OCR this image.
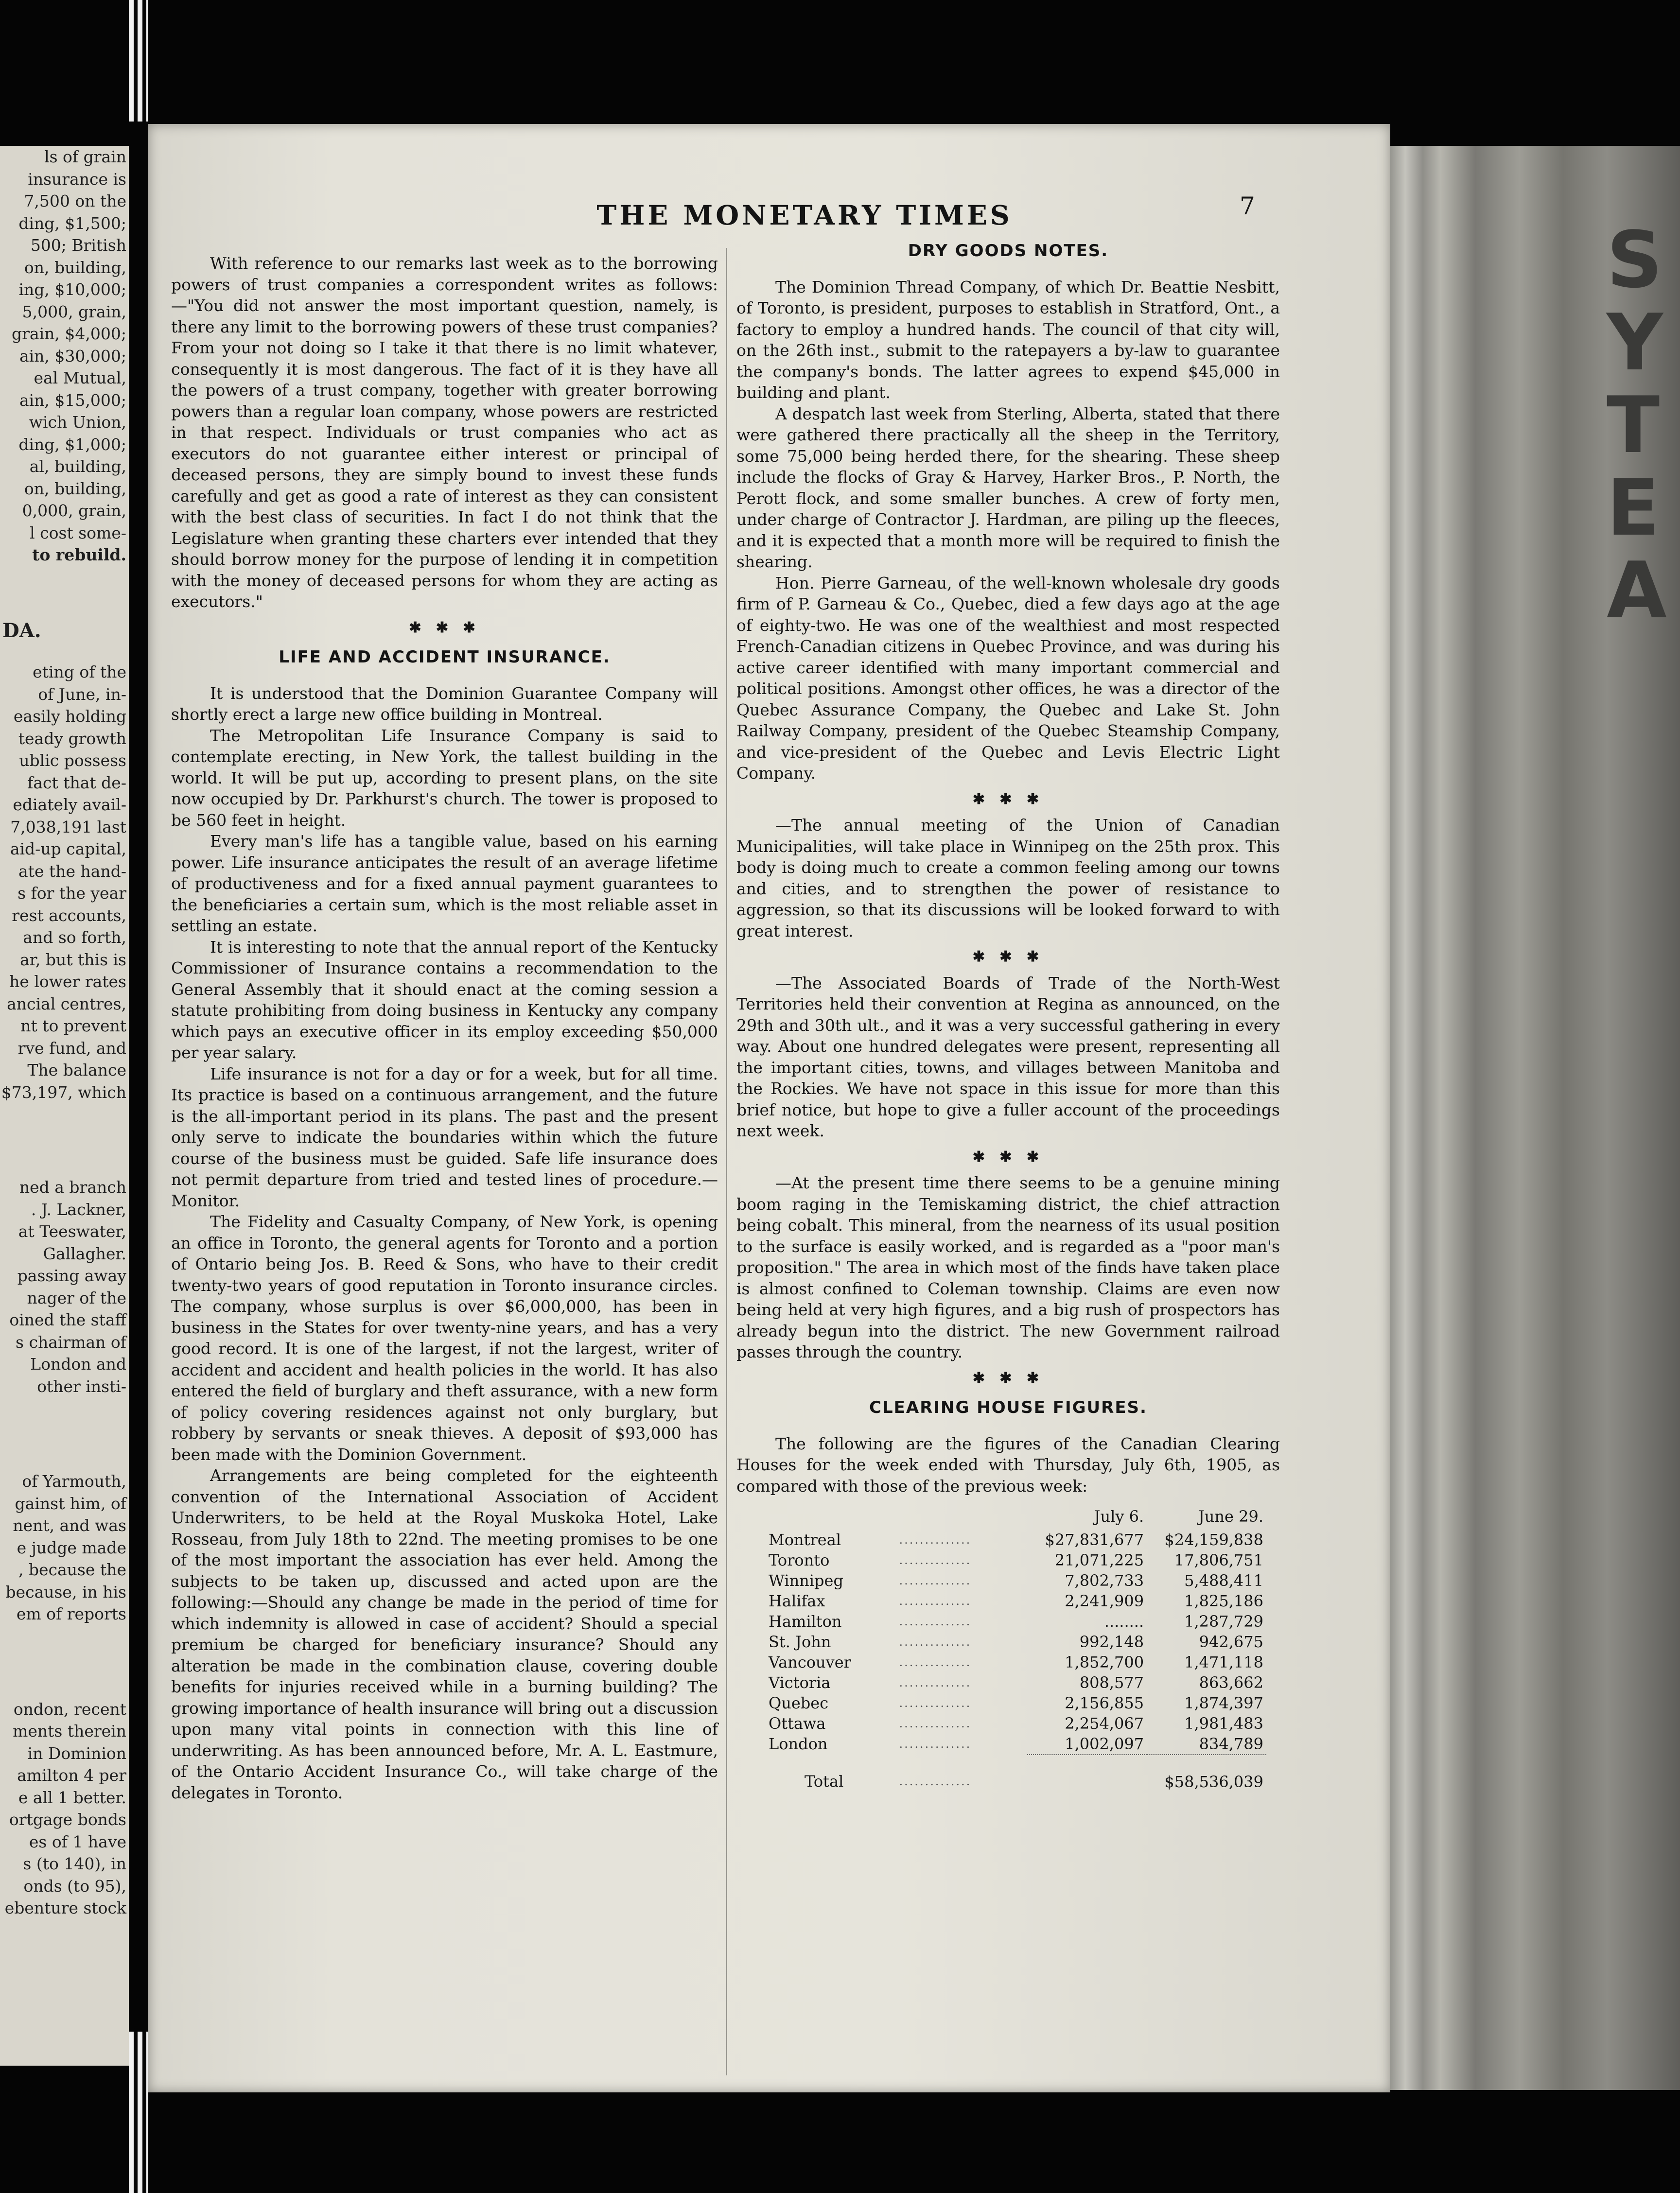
ls of grain

insurance is

7,500 on the

ding, $1,500;

500; British

on, building,

ing, $10,000;

5,000, grain,

grain, $4,000;

ain, $30,000;

eal Mutual,

ain, $15,000;

wich Union,

ding, $1,000;

al, building,

on, building,

0,000, grain,

l cost some-

to rebuild.

DA.

eting of the

of June, in-

easily holding

teady growth

ublic possess

fact that de-

ediately avail-

7,038,191 last

aid-up capital,

ate the hand-

s for the year

rest accounts,

and so forth,

ar, but this is

he lower rates

ancial centres,

nt to prevent

rve fund, and

The balance

$73,197, which

ned a branch

. J. Lackner,

at Teeswater,

Gallagher.

passing away

nager of the

oined the staff

s chairman of

London and

other insti-

of Yarmouth,

gainst him, of

nent, and was

e judge made

, because the

because, in his

em of reports

ondon, recent

ments therein

in Dominion

amilton 4 per

e all 1 better.

ortgage bonds

es of 1 have

s (to 140), in

onds (to 95),

ebenture stock

SYTEA
THE MONETARY TIMES	7

With reference to our remarks last week as to the borrowing powers of trust companies a correspondent writes as follows:—"You did not answer the most important question, namely, is there any limit to the borrowing powers of these trust companies? From your not doing so I take it that there is no limit whatever, consequently it is most dangerous. The fact of it is they have all the powers of a trust company, together with greater borrowing powers than a regular loan company, whose powers are restricted in that respect. Individuals or trust companies who act as executors do not guarantee either interest or principal of deceased persons, they are simply bound to invest these funds carefully and get as good a rate of interest as they can consistent with the best class of securities. In fact I do not think that the Legislature when granting these charters ever intended that they should borrow money for the purpose of lending it in competition with the money of deceased persons for whom they are acting as executors."

✱ ✱ ✱
LIFE AND ACCIDENT INSURANCE.

It is understood that the Dominion Guarantee Company will shortly erect a large new office building in Montreal.

The Metropolitan Life Insurance Company is said to contemplate erecting, in New York, the tallest building in the world. It will be put up, according to present plans, on the site now occupied by Dr. Parkhurst's church. The tower is proposed to be 560 feet in height.

Every man's life has a tangible value, based on his earning power. Life insurance anticipates the result of an average lifetime of productiveness and for a fixed annual payment guarantees to the beneficiaries a certain sum, which is the most reliable asset in settling an estate.

It is interesting to note that the annual report of the Kentucky Commissioner of Insurance contains a recommendation to the General Assembly that it should enact at the coming session a statute prohibiting from doing business in Kentucky any company which pays an executive officer in its employ exceeding $50,000 per year salary.

Life insurance is not for a day or for a week, but for all time. Its practice is based on a continuous arrangement, and the future is the all-important period in its plans. The past and the present only serve to indicate the boundaries within which the future course of the business must be guided. Safe life insurance does not permit departure from tried and tested lines of procedure.—Monitor.

The Fidelity and Casualty Company, of New York, is opening an office in Toronto, the general agents for Toronto and a portion of Ontario being Jos. B. Reed & Sons, who have to their credit twenty-two years of good reputation in Toronto insurance circles. The company, whose surplus is over $6,000,000, has been in business in the States for over twenty-nine years, and has a very good record. It is one of the largest, if not the largest, writer of accident and accident and health policies in the world. It has also entered the field of burglary and theft assurance, with a new form of policy covering residences against not only burglary, but robbery by servants or sneak thieves. A deposit of $93,000 has been made with the Dominion Government.

Arrangements are being completed for the eighteenth convention of the International Association of Accident Underwriters, to be held at the Royal Muskoka Hotel, Lake Rosseau, from July 18th to 22nd. The meeting promises to be one of the most important the association has ever held. Among the subjects to be taken up, discussed and acted upon are the following:—Should any change be made in the period of time for which indemnity is allowed in case of accident? Should a special premium be charged for beneficiary insurance? Should any alteration be made in the combination clause, covering double benefits for injuries received while in a burning building? The growing importance of health insurance will bring out a discussion upon many vital points in connection with this line of underwriting. As has been announced before, Mr. A. L. Eastmure, of the Ontario Accident Insurance Co., will take charge of the delegates in Toronto.

DRY GOODS NOTES.

The Dominion Thread Company, of which Dr. Beattie Nesbitt, of Toronto, is president, purposes to establish in Stratford, Ont., a factory to employ a hundred hands. The council of that city will, on the 26th inst., submit to the ratepayers a by-law to guarantee the company's bonds. The latter agrees to expend $45,000 in building and plant.

A despatch last week from Sterling, Alberta, stated that there were gathered there practically all the sheep in the Territory, some 75,000 being herded there, for the shearing. These sheep include the flocks of Gray & Harvey, Harker Bros., P. North, the Perott flock, and some smaller bunches. A crew of forty men, under charge of Contractor J. Hardman, are piling up the fleeces, and it is expected that a month more will be required to finish the shearing.

Hon. Pierre Garneau, of the well-known wholesale dry goods firm of P. Garneau & Co., Quebec, died a few days ago at the age of eighty-two. He was one of the wealthiest and most respected French-Canadian citizens in Quebec Province, and was during his active career identified with many important commercial and political positions. Amongst other offices, he was a director of the Quebec Assurance Company, the Quebec and Lake St. John Railway Company, president of the Quebec Steamship Company, and vice-president of the Quebec and Levis Electric Light Company.

✱ ✱ ✱

—The annual meeting of the Union of Canadian Municipalities, will take place in Winnipeg on the 25th prox. This body is doing much to create a common feeling among our towns and cities, and to strengthen the power of resistance to aggression, so that its discussions will be looked forward to with great interest.

✱ ✱ ✱

—The Associated Boards of Trade of the North-West Territories held their convention at Regina as announced, on the 29th and 30th ult., and it was a very successful gathering in every way. About one hundred delegates were present, representing all the important cities, towns, and villages between Manitoba and the Rockies. We have not space in this issue for more than this brief notice, but hope to give a fuller account of the proceedings next week.

✱ ✱ ✱

—At the present time there seems to be a genuine mining boom raging in the Temiskaming district, the chief attraction being cobalt. This mineral, from the nearness of its usual position to the surface is easily worked, and is regarded as a "poor man's proposition." The area in which most of the finds have taken place is almost confined to Coleman township. Claims are even now being held at very high figures, and a big rush of prospectors has already begun into the district. The new Government railroad passes through the country.

✱ ✱ ✱
CLEARING HOUSE FIGURES.

The following are the figures of the Canadian Clearing Houses for the week ended with Thursday, July 6th, 1905, as compared with those of the previous week:

		July 6.	June 29.
Montreal	..............	$27,831,677	$24,159,838
Toronto	..............	21,071,225	17,806,751
Winnipeg	..............	7,802,733	5,488,411
Halifax	..............	2,241,909	1,825,186
Hamilton	..............	........	1,287,729
St. John	..............	992,148	942,675
Vancouver	..............	1,852,700	1,471,118
Victoria	..............	808,577	863,662
Quebec	..............	2,156,855	1,874,397
Ottawa	..............	2,254,067	1,981,483
London	..............	1,002,097	834,789
Total	..............		$58,536,039
